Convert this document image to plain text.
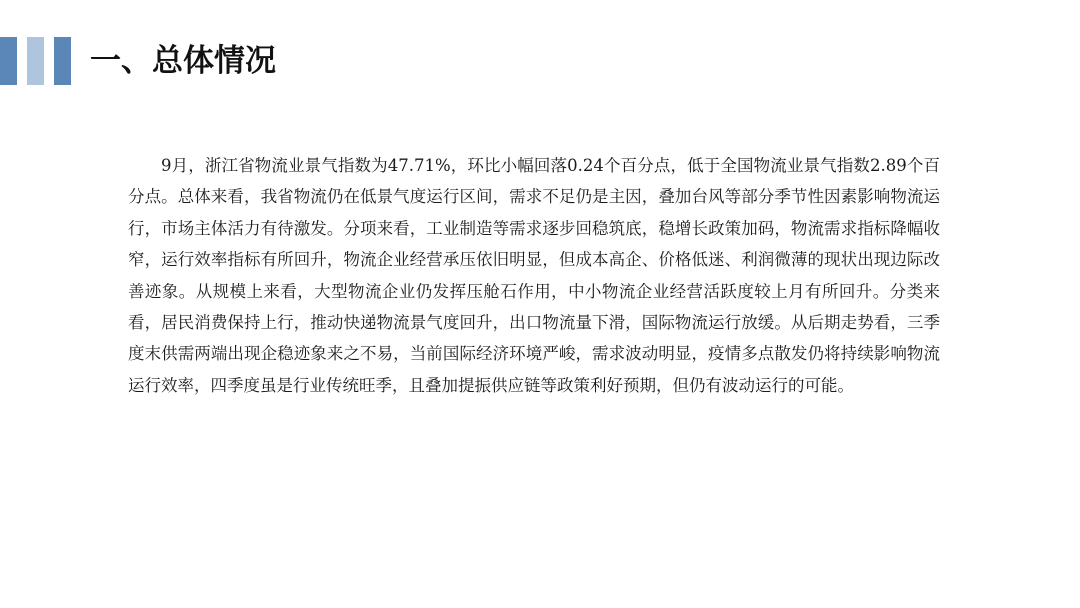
一、总体情况

9月，浙江省物流业景气指数为47.71%，环比小幅回落0.24个百分点，低于全国物流业景气指数2.89个百分点。总体来看，我省物流仍在低景气度运行区间，需求不足仍是主因，叠加台风等部分季节性因素影响物流运行，市场主体活力有待激发。分项来看，工业制造等需求逐步回稳筑底，稳增长政策加码，物流需求指标降幅收窄，运行效率指标有所回升，物流企业经营承压依旧明显，但成本高企、价格低迷、利润微薄的现状出现边际改善迹象。从规模上来看，大型物流企业仍发挥压舱石作用，中小物流企业经营活跃度较上月有所回升。分类来看，居民消费保持上行，推动快递物流景气度回升，出口物流量下滑，国际物流运行放缓。从后期走势看，三季度末供需两端出现企稳迹象来之不易，当前国际经济环境严峻，需求波动明显，疫情多点散发仍将持续影响物流运行效率，四季度虽是行业传统旺季，且叠加提振供应链等政策利好预期，但仍有波动运行的可能。
